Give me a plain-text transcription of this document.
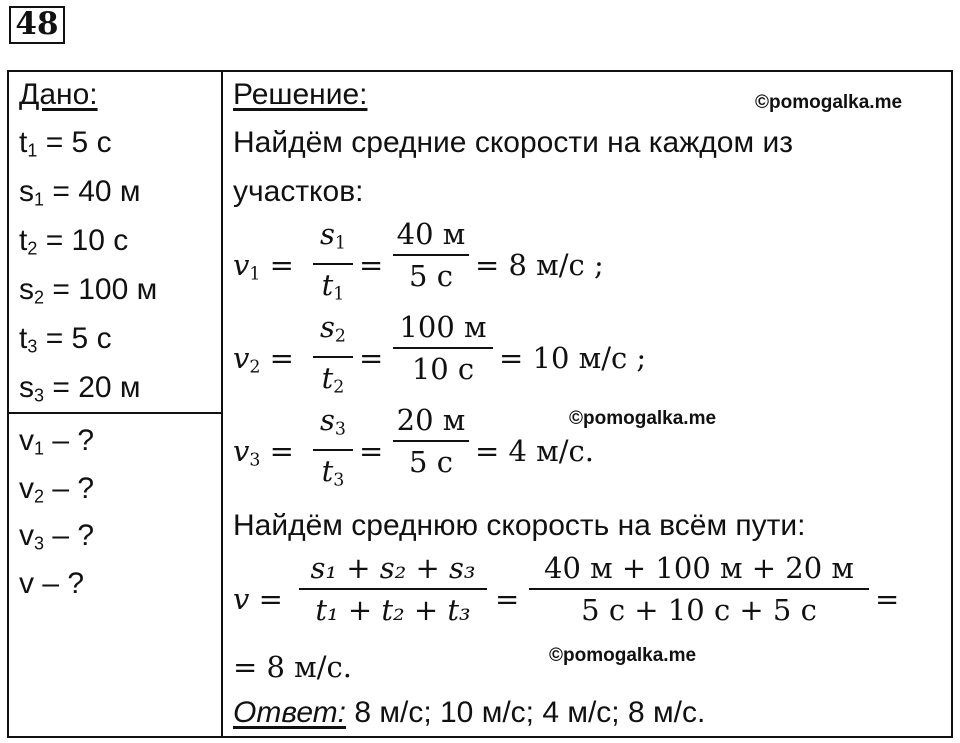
48
Дано:
$t_1 = 5$ с
$s_1 = 40$ м
$t_2 = 10$ с
$s_2 = 100$ м
$t_3 = 5$ с
$s_3 = 20$ м
$v_1$ – ?
$v_2$ – ?
$v_3$ – ?
v – ?
Решение:	©pomogalka.me
Найдём средние скорости на каждом из
участков:
$v_1$ =
$s_1$
$t_1$
=
40 м
5 с = 8 м/с ;
$v_2$ =
$s_2$
$t_2$
=
100 м
10 с = 10 м/с ;
$v_3$ =
$s_3$
$t_3$
=
20 м
5 с = 4 м/с.
©pomogalka.me
Найдём среднюю скорость на всём пути:
v =
s₁ + s₂ + s₃
t₁ + t₂ + t₃ =
40 м + 100 м + 20 м
5 с + 10 с + 5 с	=
= 8 м/с.	©pomogalka.me
Ответ: 8 м/с; 10 м/с; 4 м/с; 8 м/с.
